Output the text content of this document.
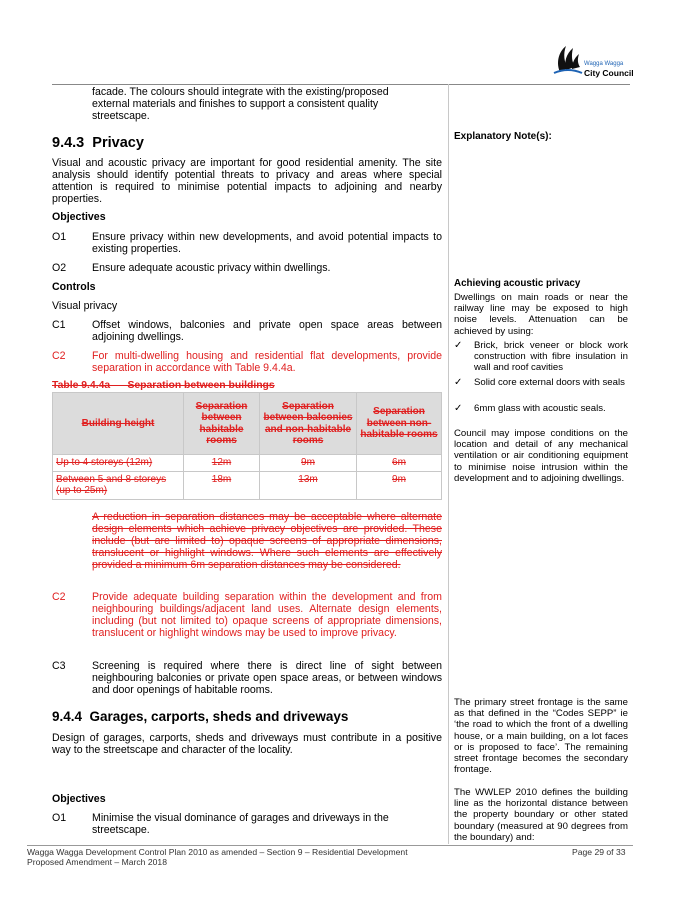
Wagga Wagga
City Council

facade. The colours should integrate with the existing/proposed

external materials and finishes to support a consistent quality

streetscape.

9.4.3  Privacy

Visual and acoustic privacy are important for good residential amenity. The site analysis should identify potential threats to privacy and areas where special attention is required to minimise potential impacts to adjoining and nearby properties.

Objectives
O1 Ensure privacy within new developments, and avoid potential impacts to existing properties.

O2 Ensure adequate acoustic privacy within dwellings.

Controls
Visual privacy
C1 Offset windows, balconies and private open space areas between adjoining dwellings.

C2 For multi-dwelling housing and residential flat developments, provide separation in accordance with Table 9.4.4a.

Table 9.4.4a      Separation between buildings
Building height	Separation between habitable rooms	Separation between balconies and non-habitable rooms	Separation between non-habitable rooms
Up to 4 storeys (12m)	12m	9m	6m
Between 5 and 8 storeys (up to 25m)	18m	13m	9m

A reduction in separation distances may be acceptable where alternate design elements which achieve privacy objectives are provided. These include (but are limited to) opaque screens of appropriate dimensions, translucent or highlight windows. Where such elements are effectively provided a minimum 6m separation distances may be considered.

C2 Provide adequate building separation within the development and from neighbouring buildings/adjacent land uses. Alternate design elements, including (but not limited to) opaque screens of appropriate dimensions, translucent or highlight windows may be used to improve privacy.

C3 Screening is required where there is direct line of sight between neighbouring balconies or private open space areas, or between windows and door openings of habitable rooms.

9.4.4  Garages, carports, sheds and driveways

Design of garages, carports, sheds and driveways must contribute in a positive way to the streetscape and character of the locality.

Objectives
O1 Minimise the visual dominance of garages and driveways in the streetscape.

Explanatory Note(s):
Achieving acoustic privacy

Dwellings on main roads or near the railway line may be exposed to high noise levels. Attenuation can be achieved by using:

✓ Brick, brick veneer or block work construction with fibre insulation in wall and roof cavities

✓ Solid core external doors with seals

✓ 6mm glass with acoustic seals.

Council may impose conditions on the location and detail of any mechanical ventilation or air conditioning equipment to minimise noise intrusion within the development and to adjoining dwellings.

The primary street frontage is the same as that defined in the “Codes SEPP” ie ‘the road to which the front of a dwelling house, or a main building, on a lot faces or is proposed to face’. The remaining street frontage becomes the secondary frontage.

The WWLEP 2010 defines the building line as the horizontal distance between the property boundary or other stated boundary (measured at 90 degrees from the boundary) and:

Wagga Wagga Development Control Plan 2010 as amended – Section 9 – Residential Development
Proposed Amendment – March 2018
Page 29 of 33
